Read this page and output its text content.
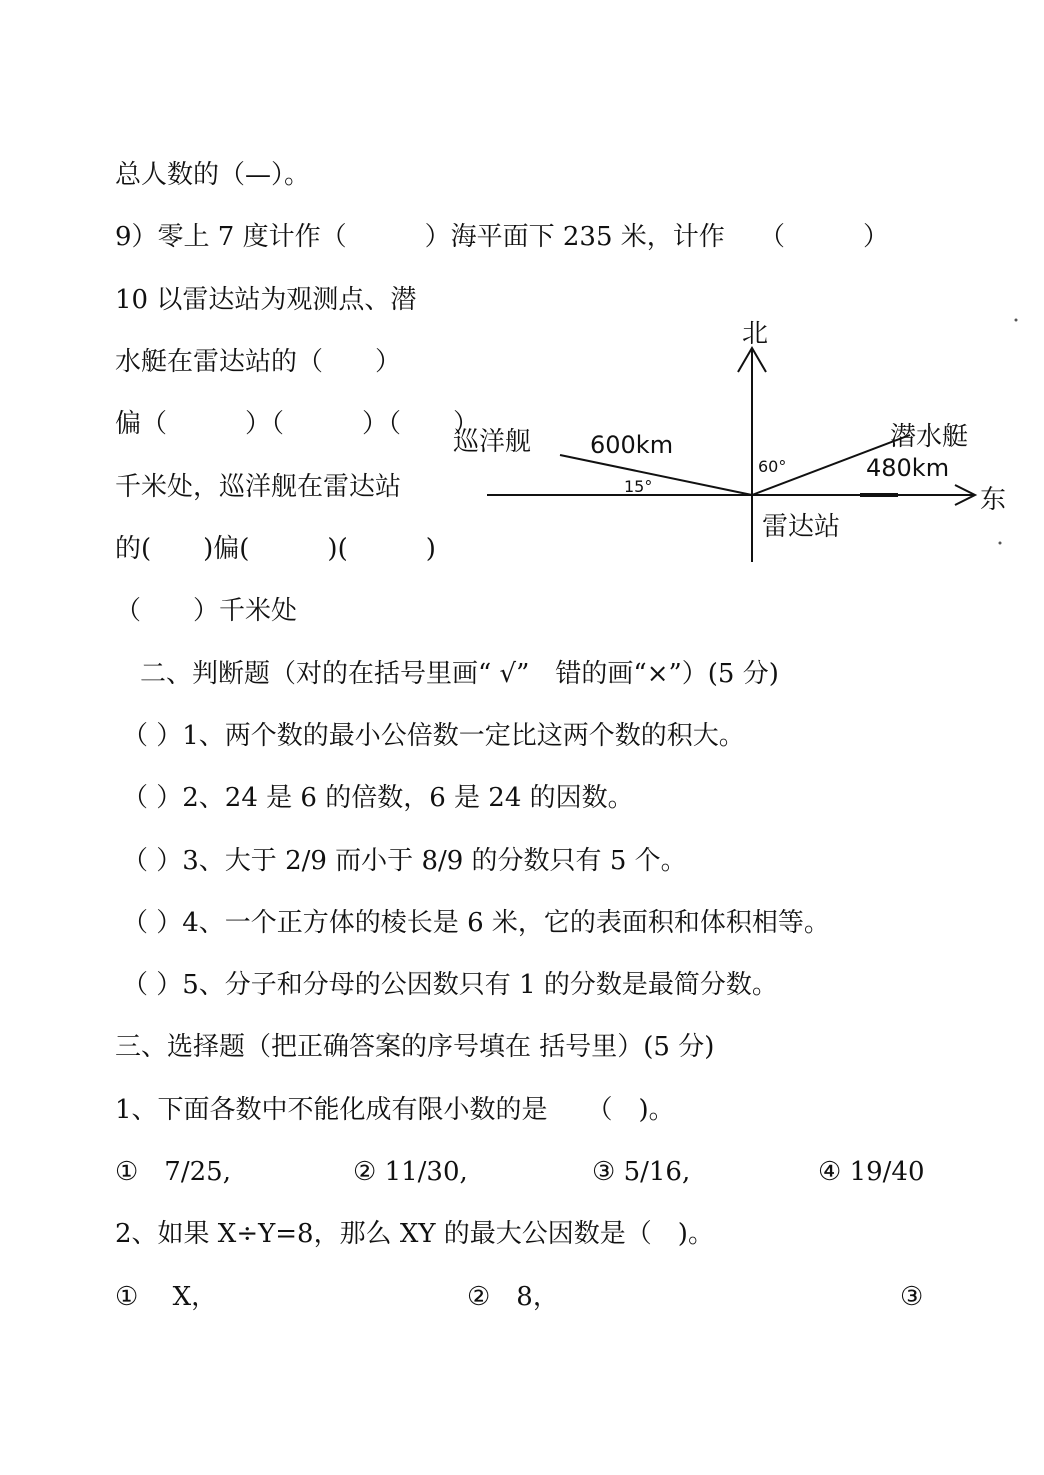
总人数的（—）。
9）零上 7 度计作（　　　）海平面下 235 米，计作　 （　　　）
10 以雷达站为观测点、潜
水艇在雷达站的（　　）
偏（　　　）（　　　）（　　）
千米处，巡洋舰在雷达站
的(　　)偏(　　　)(　　　)
（　　）千米处
北
东
雷达站
巡洋舰 600km
15°
潜水艇
480km
60°
二、判断题（对的在括号里画“ √”　错的画“×”）(5 分)
（ ）1、两个数的最小公倍数一定比这两个数的积大。
（ ）2、24 是 6 的倍数，6 是 24 的因数。
（ ）3、大于 2/9 而小于 8/9 的分数只有 5 个。
（ ）4、一个正方体的棱长是 6 米，它的表面积和体积相等。
（ ）5、分子和分母的公因数只有 1 的分数是最简分数。
三、选择题（把正确答案的序号填在 括号里）(5 分)
1、下面各数中不能化成有限小数的是　　（　)。
①　7/25,	② 11/30,	③ 5/16,	④ 19/40
2、如果 X÷Y=8，那么 XY 的最大公因数是（　)。
①　 X，	②　8，	③
